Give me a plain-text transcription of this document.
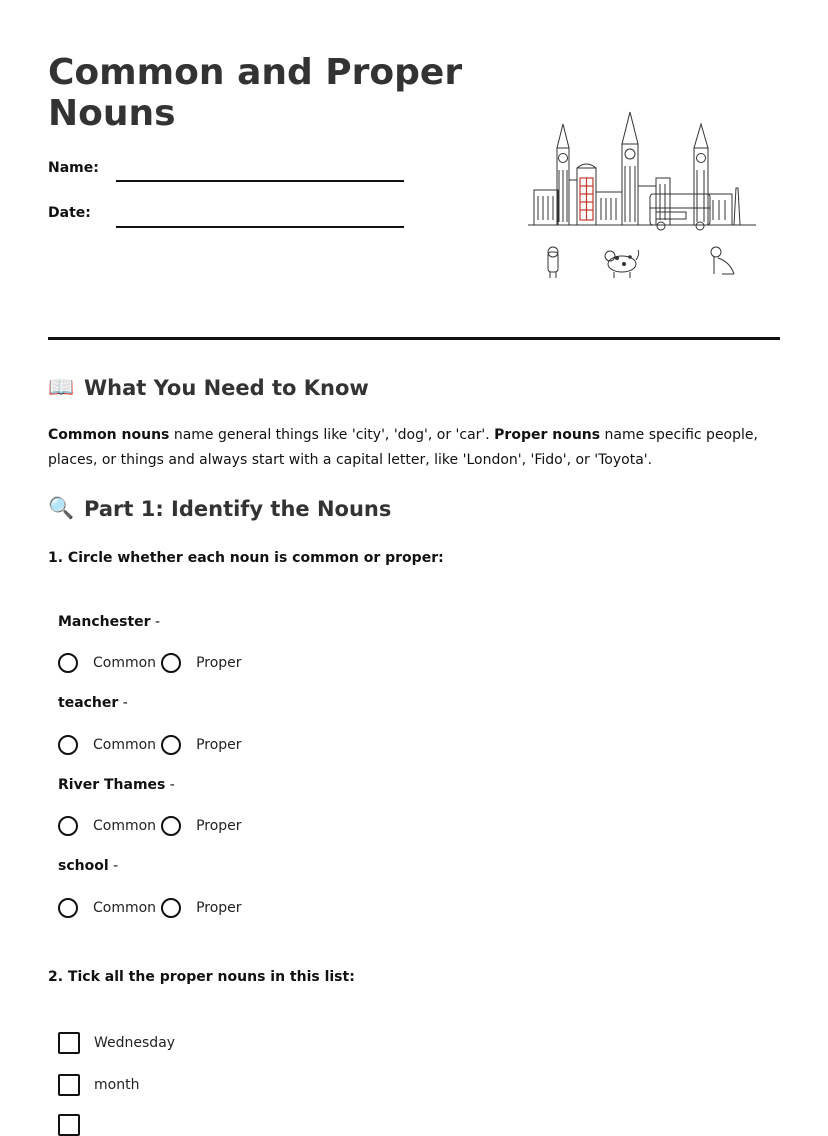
Common and Proper Nouns
Name:
Date:
📖 What You Need to Know

Common nouns name general things like 'city', 'dog', or 'car'. Proper nouns name specific people, places, or things and always start with a capital letter, like 'London', 'Fido', or 'Toyota'.

🔍 Part 1: Identify the Nouns
1. Circle whether each noun is common or proper:
Manchester -
Common	Proper
teacher -
Common	Proper
River Thames -
Common	Proper
school -
Common	Proper
2. Tick all the proper nouns in this list:
Wednesday
month
